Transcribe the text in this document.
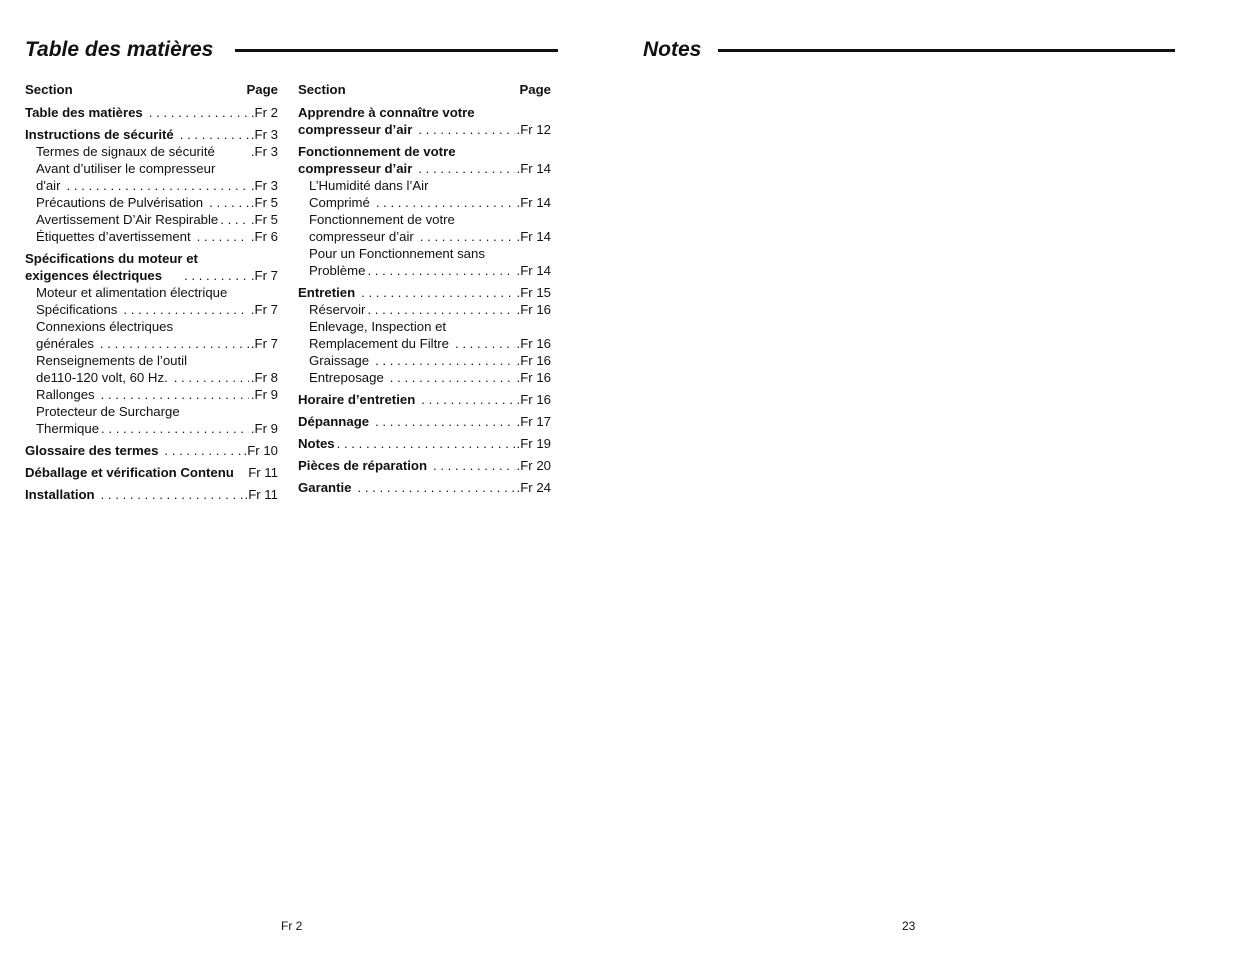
Table des matières
Section	Page
Table des matières . . .	.Fr 2
Instructions de sécurité . . .	.Fr 3
Termes de signaux de sécurité	.Fr 3
Avant d’utiliser le compresseur
d'air . . .	.Fr 3
Précautions de Pulvérisation . . .	.Fr 5
Avertissement D’Air Respirable . . . .Fr 5
Étiquettes d’avertissement . . .	.Fr 6
Spécifications du moteur et
exigences électriques . . .	.Fr 7
Moteur et alimentation électrique
Spécifications . . .	.Fr 7
Connexions électriques
générales . . .	.Fr 7
Renseignements de l’outil
de110-120 volt, 60 Hz. . . .	.Fr 8
Rallonges . . .	.Fr 9
Protecteur de Surcharge
Thermique . . .	.Fr 9
Glossaire des termes . . .	.Fr 10
Déballage et vérification Contenu Fr 11
Installation . . .	.Fr 11
Section	Page
Apprendre à connaître votre
compresseur d’air . . .	.Fr 12
Fonctionnement de votre
compresseur d’air . . .	.Fr 14
L’Humidité dans l’Air
Comprimé . . .	.Fr 14
Fonctionnement de votre
compresseur d’air . . .	.Fr 14
Pour un Fonctionnement sans
Problème . . .	.Fr 14
Entretien . . .	.Fr 15
Réservoir . . .	.Fr 16
Enlevage, Inspection et
Remplacement du Filtre . . .	.Fr 16
Graissage . . .	.Fr 16
Entreposage . . .	.Fr 16
Horaire d’entretien . . .	.Fr 16
Dépannage . . .	.Fr 17
Notes . . .	.Fr 19
Pièces de réparation . . .	.Fr 20
Garantie . . .	.Fr 24
Fr 2
Notes
23
